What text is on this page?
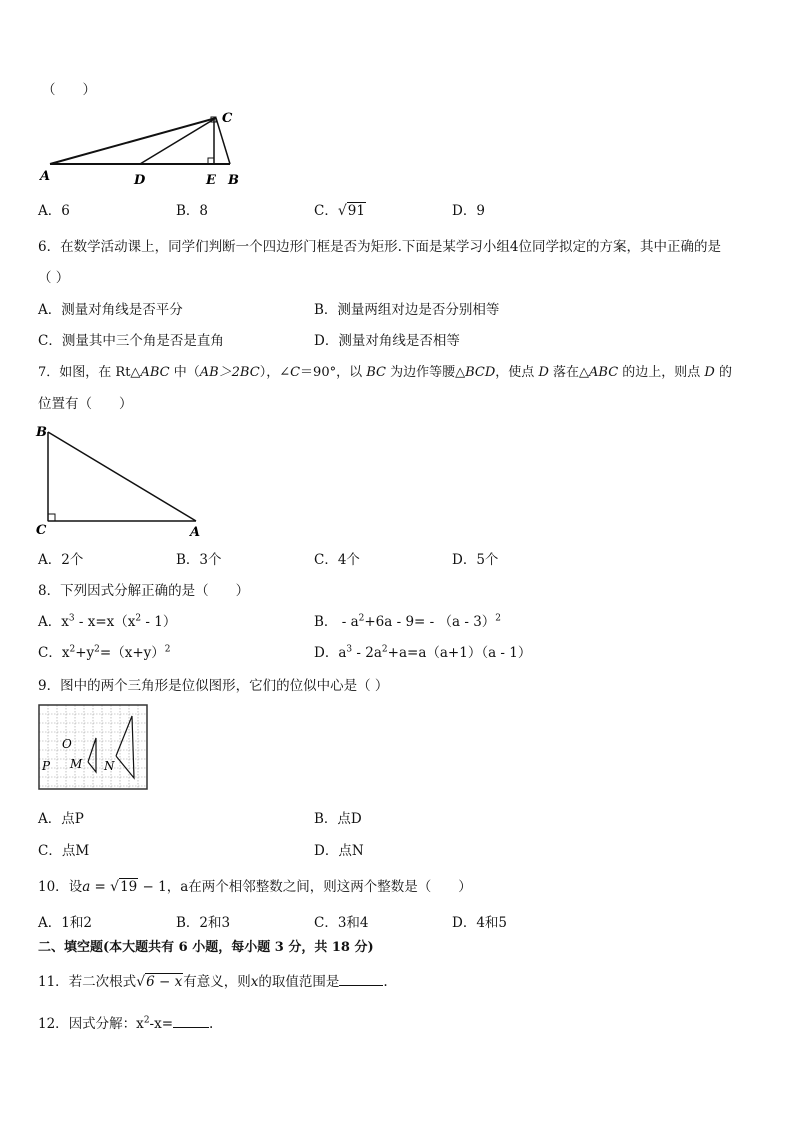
（　　）
A	D	E B
C
A．6	B．8	C．√91	D．9
6．在数学活动课上，同学们判断一个四边形门框是否为矩形.下面是某学习小组4位同学拟定的方案，其中正确的是
（ ）
A．测量对角线是否平分	B．测量两组对边是否分别相等
C．测量其中三个角是否是直角	D．测量对角线是否相等
7．如图，在 Rt△ABC 中（AB＞2BC），∠C＝90°，以 BC 为边作等腰△BCD，使点 D 落在△ABC 的边上，则点 D 的
位置有（　　）
B
C	A
A．2个	B．3个	C．4个	D．5个
8．下列因式分解正确的是（　　）
A．$x^3 - x=x(x^2 - 1)$	B． - $a^2+6a - 9= - (a - 3)^2$
C．$x^2+y^2=(x+y)^2$	D．$a^3 - 2a^2+a=a(a+1)(a - 1)$
9．图中的两个三角形是位似图形，它们的位似中心是（ ）
O
P M N
A．点P	B．点D
C．点M	D．点N
10．设a = √19 − 1，a在两个相邻整数之间，则这两个整数是（　　）
A．1和2	B．2和3	C．3和4	D．4和5
二、填空题(本大题共有 6 小题，每小题 3 分，共 18 分)
11．若二次根式√6 − x有意义，则x的取值范围是	.
12．因式分解：$x^2-x=$	.
